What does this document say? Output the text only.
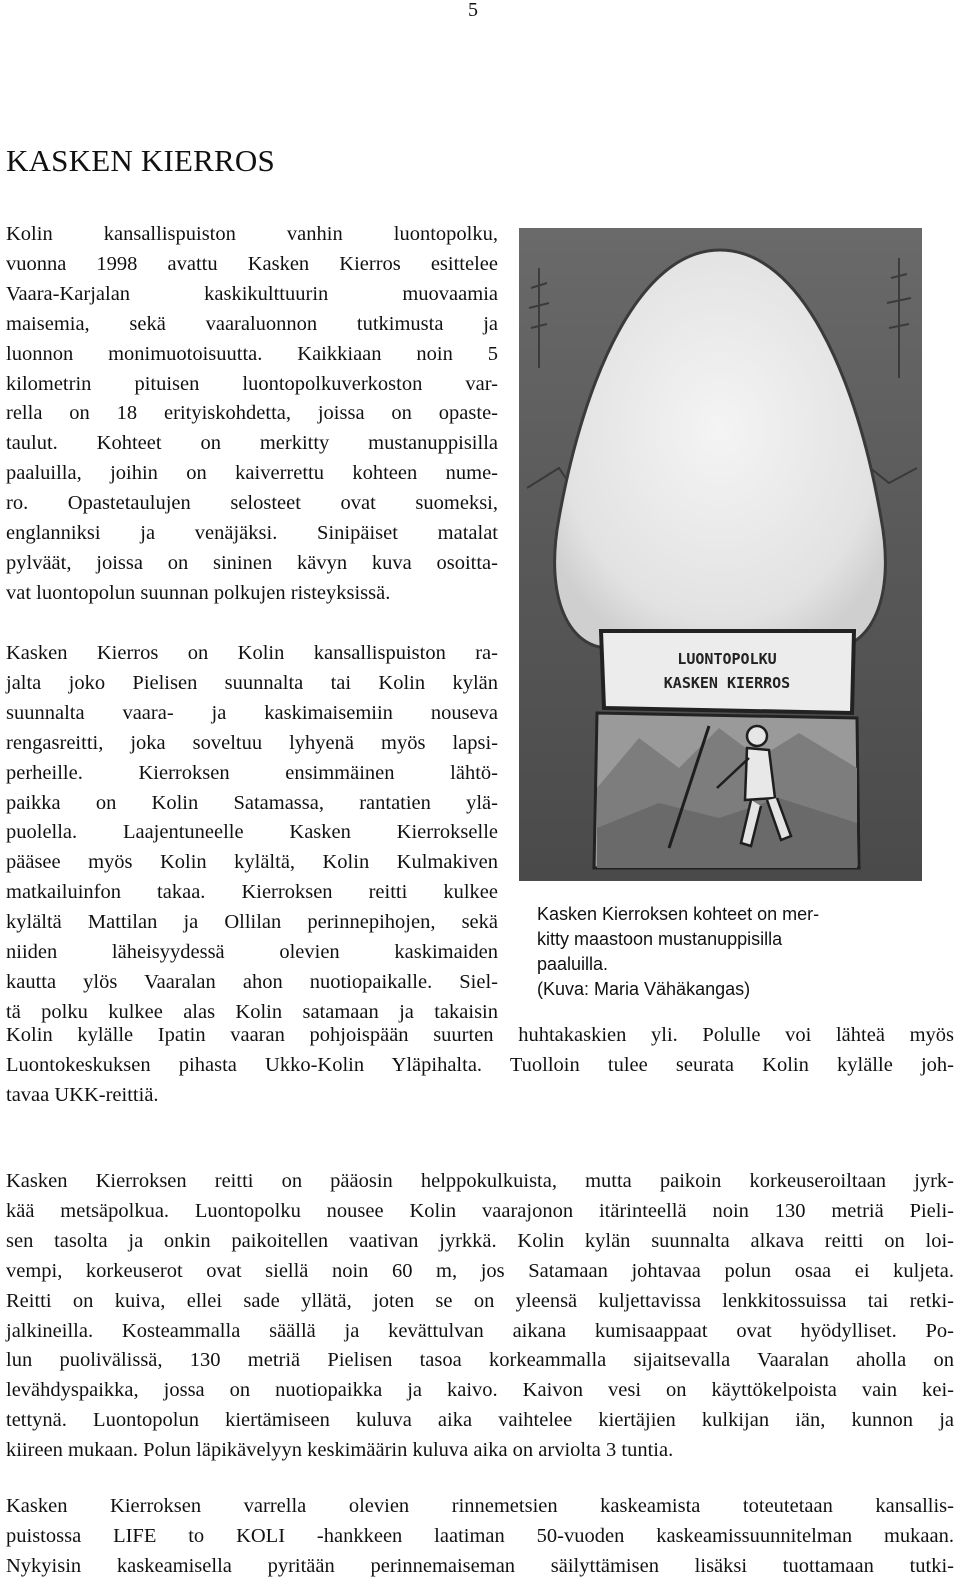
5
KASKEN KIERROS
Kolin kansallispuiston vanhin luontopolku,
vuonna 1998 avattu Kasken Kierros esittelee
Vaara-Karjalan kaskikulttuurin muovaamia
maisemia, sekä vaaraluonnon tutkimusta ja
luonnon monimuotoisuutta. Kaikkiaan noin 5
kilometrin pituisen luontopolkuverkoston var-
rella on 18 erityiskohdetta, joissa on opaste-
taulut. Kohteet on merkitty mustanuppisilla
paaluilla, joihin on kaiverrettu kohteen nume-
ro. Opastetaulujen selosteet ovat suomeksi,
englanniksi ja venäjäksi. Sinipäiset matalat
pylväät, joissa on sininen kävyn kuva osoitta-
vat luontopolun suunnan polkujen risteyksissä.
Kasken Kierros on Kolin kansallispuiston ra-
jalta joko Pielisen suunnalta tai Kolin kylän
suunnalta vaara- ja kaskimaisemiin nouseva
rengasreitti, joka soveltuu lyhyenä myös lapsi-
perheille. Kierroksen ensimmäinen lähtö-
paikka on Kolin Satamassa, rantatien ylä-
puolella. Laajentuneelle Kasken Kierrokselle
pääsee myös Kolin kylältä, Kolin Kulmakiven
matkailuinfon takaa. Kierroksen reitti kulkee
kylältä Mattilan ja Ollilan perinnepihojen, sekä
niiden läheisyydessä olevien kaskimaiden
kautta ylös Vaaralan ahon nuotiopaikalle. Siel-
tä polku kulkee alas Kolin satamaan ja takaisin
Kolin kylälle Ipatin vaaran pohjoispään suurten huhtakaskien yli. Polulle voi lähteä myös
Luontokeskuksen pihasta Ukko-Kolin Yläpihalta. Tuolloin tulee seurata Kolin kylälle joh-
tavaa UKK-reittiä.
Kasken Kierroksen reitti on pääosin helppokulkuista, mutta paikoin korkeuseroiltaan jyrk-
kää metsäpolkua. Luontopolku nousee Kolin vaarajonon itärinteellä noin 130 metriä Pieli-
sen tasolta ja onkin paikoitellen vaativan jyrkkä. Kolin kylän suunnalta alkava reitti on loi-
vempi, korkeuserot ovat siellä noin 60 m, jos Satamaan johtavaa polun osaa ei kuljeta.
Reitti on kuiva, ellei sade yllätä, joten se on yleensä kuljettavissa lenkkitossuissa tai retki-
jalkineilla. Kosteammalla säällä ja kevättulvan aikana kumisaappaat ovat hyödylliset. Po-
lun puolivälissä, 130 metriä Pielisen tasoa korkeammalla sijaitsevalla Vaaralan aholla on
levähdyspaikka, jossa on nuotiopaikka ja kaivo. Kaivon vesi on käyttökelpoista vain kei-
tettynä. Luontopolun kiertämiseen kuluva aika vaihtelee kiertäjien kulkijan iän, kunnon ja
kiireen mukaan. Polun läpikävelyyn keskimäärin kuluva aika on arviolta 3 tuntia.
Kasken Kierroksen varrella olevien rinnemetsien kaskeamista toteutetaan kansallis-
puistossa LIFE to KOLI -hankkeen laatiman 50-vuoden kaskeamissuunnitelman mukaan.
Nykyisin kaskeamisella pyritään perinnemaiseman säilyttämisen lisäksi tuottamaan tutki-
LUONTOPOLKU
KASKEN KIERROS
Kasken Kierroksen kohteet on mer-
kitty maastoon mustanuppisilla
paaluilla.
(Kuva: Maria Vähäkangas)
